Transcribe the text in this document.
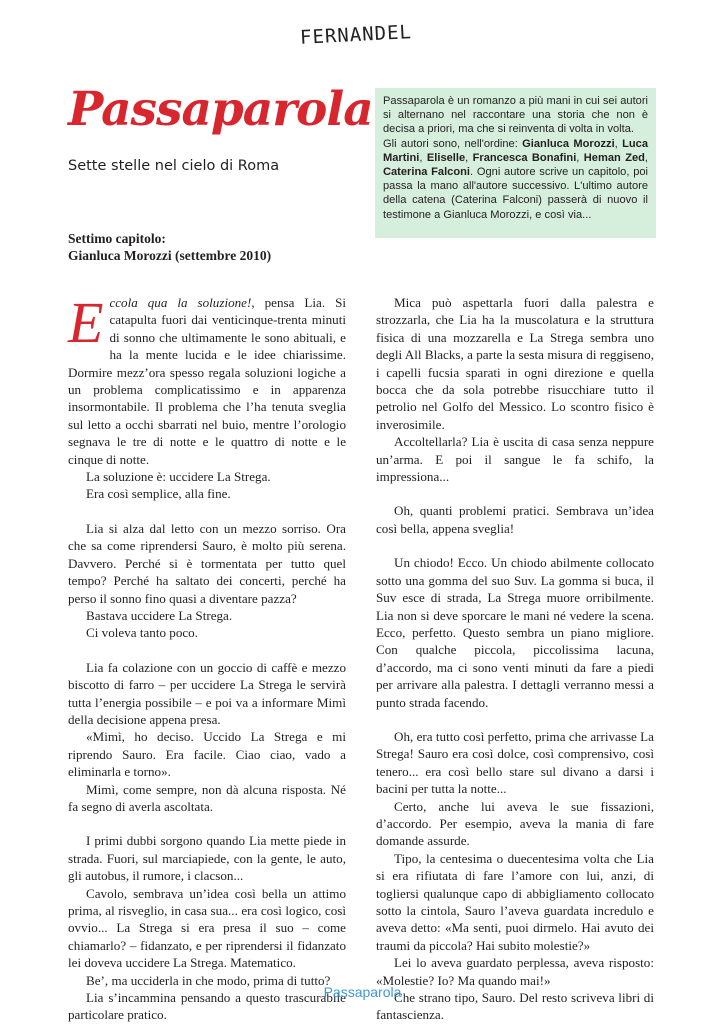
FERNANDEL
Passaparola

Sette stelle nel cielo di Roma

Passaparola è un romanzo a più mani in cui sei autori si alternano nel raccontare una storia che non è decisa a priori, ma che si reinventa di volta in volta.
Gli autori sono, nell'ordine: Gianluca Morozzi, Luca Martini, Eliselle, Francesca Bonafini, Heman Zed, Caterina Falconi. Ogni autore scrive un capitolo, poi passa la mano all'autore successivo. L'ultimo autore della catena (Caterina Falconi) passerà di nuovo il testimone a Gianluca Morozzi, e così via...
Settimo capitolo:
Gianluca Morozzi (settembre 2010)

Eccola qua la soluzione!, pensa Lia. Si catapulta fuori dai venticinque-trenta minuti di sonno che ultimamente le sono abituali, e ha la mente lucida e le idee chiarissime. Dormire mezz’ora spesso regala soluzioni logiche a un problema complicatissimo e in apparenza insormontabile. Il problema che l’ha tenuta sveglia sul letto a occhi sbarrati nel buio, mentre l’orologio segnava le tre di notte e le quattro di notte e le cinque di notte.

La soluzione è: uccidere La Strega.

Era così semplice, alla fine.

Lia si alza dal letto con un mezzo sorriso. Ora che sa come riprendersi Sauro, è molto più serena. Davvero. Perché si è tormentata per tutto quel tempo? Perché ha saltato dei concerti, perché ha perso il sonno fino quasi a diventare pazza?

Bastava uccidere La Strega.

Ci voleva tanto poco.

Lia fa colazione con un goccio di caffè e mezzo biscotto di farro – per uccidere La Strega le servirà tutta l’energia possibile – e poi va a informare Mimì della decisione appena presa.

«Mimì, ho deciso. Uccido La Strega e mi riprendo Sauro. Era facile. Ciao ciao, vado a eliminarla e torno».

Mimì, come sempre, non dà alcuna risposta. Né fa segno di averla ascoltata.

I primi dubbi sorgono quando Lia mette piede in strada. Fuori, sul marciapiede, con la gente, le auto, gli autobus, il rumore, i clacson...

Cavolo, sembrava un’idea così bella un attimo prima, al risveglio, in casa sua... era così logico, così ovvio... La Strega si era presa il suo – come chiamarlo? – fidanzato, e per riprendersi il fidanzato lei doveva uccidere La Strega. Matematico.

Be’, ma ucciderla in che modo, prima di tutto?

Lia s’incammina pensando a questo trascurabile particolare pratico.

Mica può aspettarla fuori dalla palestra e strozzarla, che Lia ha la muscolatura e la struttura fisica di una mozzarella e La Strega sembra uno degli All Blacks, a parte la sesta misura di reggiseno, i capelli fucsia sparati in ogni direzione e quella bocca che da sola potrebbe risucchiare tutto il petrolio nel Golfo del Messico. Lo scontro fisico è inverosimile.

Accoltellarla? Lia è uscita di casa senza neppure un’arma. E poi il sangue le fa schifo, la impressiona...

Oh, quanti problemi pratici. Sembrava un’idea così bella, appena sveglia!

Un chiodo! Ecco. Un chiodo abilmente collocato sotto una gomma del suo Suv. La gomma si buca, il Suv esce di strada, La Strega muore orribilmente. Lia non si deve sporcare le mani né vedere la scena. Ecco, perfetto. Questo sembra un piano migliore. Con qualche piccola, piccolissima lacuna, d’accordo, ma ci sono venti minuti da fare a piedi per arrivare alla palestra. I dettagli verranno messi a punto strada facendo.

Oh, era tutto così perfetto, prima che arrivasse La Strega! Sauro era così dolce, così comprensivo, così tenero... era così bello stare sul divano a darsi i bacini per tutta la notte...

Certo, anche lui aveva le sue fissazioni, d’accordo. Per esempio, aveva la mania di fare domande assurde.

Tipo, la centesima o duecentesima volta che Lia si era rifiutata di fare l’amore con lui, anzi, di togliersi qualunque capo di abbigliamento collocato sotto la cintola, Sauro l’aveva guardata incredulo e aveva detto: «Ma senti, puoi dirmelo. Hai avuto dei traumi da piccola? Hai subito molestie?»

Lei lo aveva guardato perplessa, aveva risposto: «Molestie? Io? Ma quando mai!»

Che strano tipo, Sauro. Del resto scriveva libri di fantascienza.

Passaparola
